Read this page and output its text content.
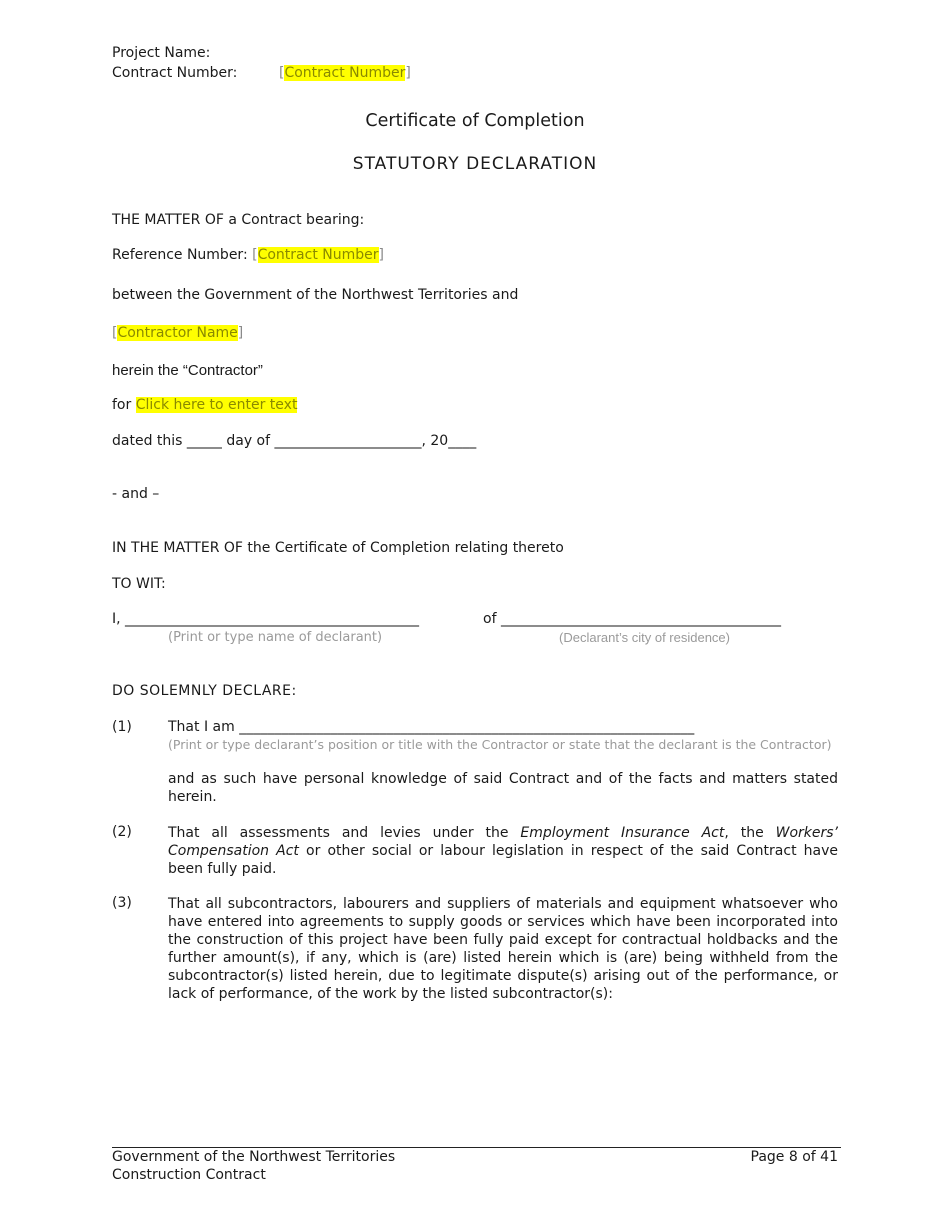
Project Name:
Contract Number:	[Contract Number]
Certificate of Completion
STATUTORY DECLARATION
THE MATTER OF a Contract bearing:
Reference Number: [Contract Number]
between the Government of the Northwest Territories and
[Contractor Name]
herein the “Contractor”
for Click here to enter text
dated this _____ day of _____________________, 20____
- and –
IN THE MATTER OF the Certificate of Completion relating thereto
TO WIT:
I, __________________________________________	of ________________________________________
(Print or type name of declarant)	(Declarant’s city of residence)
DO SOLEMNLY DECLARE:
(1)	That I am _________________________________________________________________
(Print or type declarant’s position or title with the Contractor or state that the declarant is the Contractor)
and as such have personal knowledge of said Contract and of the facts and matters stated herein.
(2)	That all assessments and levies under the Employment Insurance Act, the Workers’ Compensation Act or other social or labour legislation in respect of the said Contract have been fully paid.
(3)	That all subcontractors, labourers and suppliers of materials and equipment whatsoever who have entered into agreements to supply goods or services which have been incorporated into the construction of this project have been fully paid except for contractual holdbacks and the further amount(s), if any, which is (are) listed herein which is (are) being withheld from the subcontractor(s) listed herein, due to legitimate dispute(s) arising out of the performance, or lack of performance, of the work by the listed subcontractor(s):
Government of the Northwest Territories
Construction Contract
Page 8 of 41
